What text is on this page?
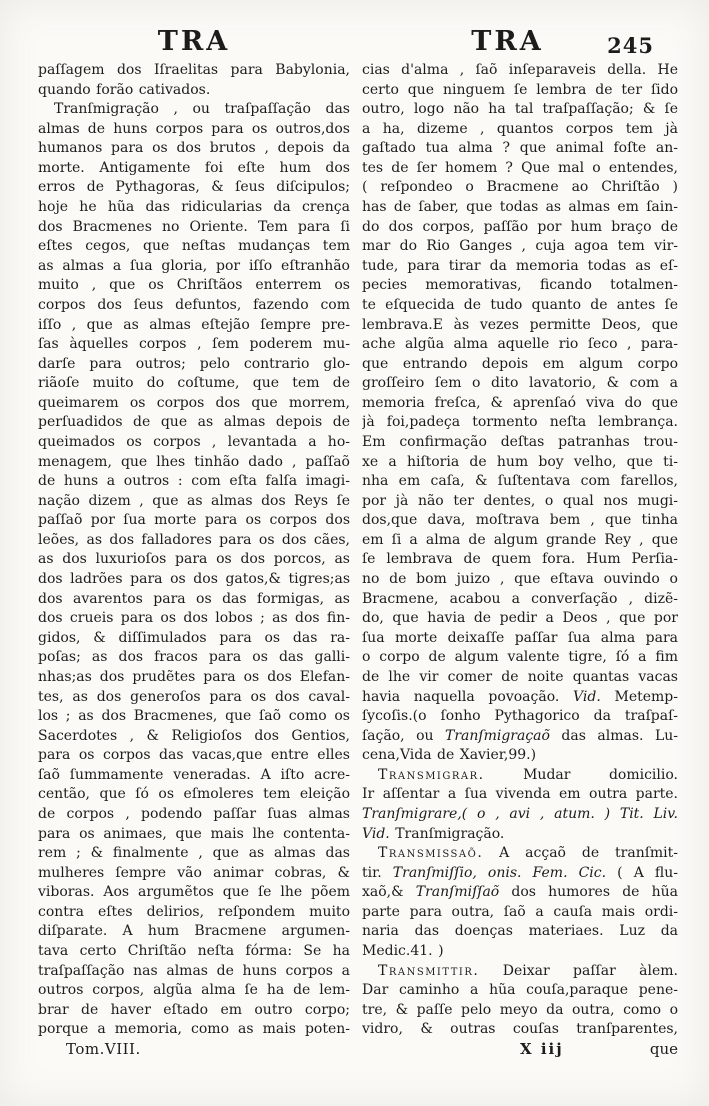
TRA	TRA	245
paſſagem dos Iſraelitas para Babylonia,
quando forão cativados.
Tranſmigração , ou traſpaſſação das
almas de huns corpos para os outros,dos
humanos para os dos brutos , depois da
morte. Antigamente foi eſte hum dos
erros de Pythagoras, & ſeus diſcipulos;
hoje he hũa das ridicularias da crença
dos Bracmenes no Oriente. Tem para ſi
eſtes cegos, que neſtas mudanças tem
as almas a ſua gloria, por iſſo eſtranhão
muito , que os Chriſtãos enterrem os
corpos dos ſeus defuntos, fazendo com
iſſo , que as almas eſtejão ſempre pre-
ſas àquelles corpos , ſem poderem mu-
darſe para outros; pelo contrario glo-
riãoſe muito do coſtume, que tem de
queimarem os corpos dos que morrem,
perſuadidos de que as almas depois de
queimados os corpos , levantada a ho-
menagem, que lhes tinhão dado , paſſaõ
de huns a outros : com eſta falſa imagi-
nação dizem , que as almas dos Reys ſe
paſſaõ por ſua morte para os corpos dos
leões, as dos falladores para os dos cães,
as dos luxurioſos para os dos porcos, as
dos ladrões para os dos gatos,& tigres;as
dos avarentos para os das formigas, as
dos crueis para os dos lobos ; as dos fin-
gidos, & diſſimulados para os das ra-
poſas; as dos fracos para os das galli-
nhas;as dos prudẽtes para os dos Elefan-
tes, as dos generoſos para os dos caval-
los ; as dos Bracmenes, que ſaõ como os
Sacerdotes , & Religioſos dos Gentios,
para os corpos das vacas,que entre elles
ſaõ ſummamente veneradas. A iſto acre-
centão, que ſó os eſmoleres tem eleição
de corpos , podendo paſſar ſuas almas
para os animaes, que mais lhe contenta-
rem ; & finalmente , que as almas das
mulheres ſempre vão animar cobras, &
viboras. Aos argumẽtos que ſe lhe põem
contra eſtes delirios, reſpondem muito
diſparate. A hum Bracmene argumen-
tava certo Chriſtão neſta fórma: Se ha
traſpaſſação nas almas de huns corpos a
outros corpos, algũa alma ſe ha de lem-
brar de haver eſtado em outro corpo;
porque a memoria, como as mais poten-
Tom.VIII.
cias d'alma , ſaõ inſeparaveis della. He
certo que ninguem ſe lembra de ter ſido
outro, logo não ha tal traſpaſſação; & ſe
a ha, dizeme , quantos corpos tem jà
gaſtado tua alma ? que animal foſte an-
tes de ſer homem ? Que mal o entendes,
( reſpondeo o Bracmene ao Chriſtão )
has de ſaber, que todas as almas em ſain-
do dos corpos, paſſão por hum braço de
mar do Rio Ganges , cuja agoa tem vir-
tude, para tirar da memoria todas as eſ-
pecies memorativas, ficando totalmen-
te eſquecida de tudo quanto de antes ſe
lembrava.E às vezes permitte Deos, que
ache algũa alma aquelle rio ſeco , para-
que entrando depois em algum corpo
groſſeiro ſem o dito lavatorio, & com a
memoria freſca, & aprenſaó viva do que
jà foi,padeça tormento neſta lembrança.
Em confirmação deſtas patranhas trou-
xe a hiſtoria de hum boy velho, que ti-
nha em caſa, & ſuſtentava com farellos,
por jà não ter dentes, o qual nos mugi-
dos,que dava, moſtrava bem , que tinha
em ſi a alma de algum grande Rey , que
ſe lembrava de quem fora. Hum Perſia-
no de bom juizo , que eſtava ouvindo o
Bracmene, acabou a converſação , dizẽ-
do, que havia de pedir a Deos , que por
ſua morte deixaſſe paſſar ſua alma para
o corpo de algum valente tigre, ſó a fim
de lhe vir comer de noite quantas vacas
havia naquella povoação. Vid. Metemp-
ſycoſis.(o ſonho Pythagorico da traſpaſ-
ſação, ou Tranſmigraçaõ das almas. Lu-
cena,Vida de Xavier,99.)
Transmigrar. Mudar domicilio.
Ir aſſentar a ſua vivenda em outra parte.
Tranſmigrare,( o , avi , atum. ) Tit. Liv.
Vid. Tranſmigração.
Transmissaõ. A acçaõ de tranſmit-
tir. Tranſmiſſio, onis. Fem. Cic. ( A flu-
xaõ,& Tranſmiſſaõ dos humores de hũa
parte para outra, ſaõ a cauſa mais ordi-
naria das doenças materiaes. Luz da
Medic.41. )
Transmittir. Deixar paſſar àlem.
Dar caminho a hũa couſa,paraque pene-
tre, & paſſe pelo meyo da outra, como o
vidro, & outras couſas tranſparentes,
X iij	que
